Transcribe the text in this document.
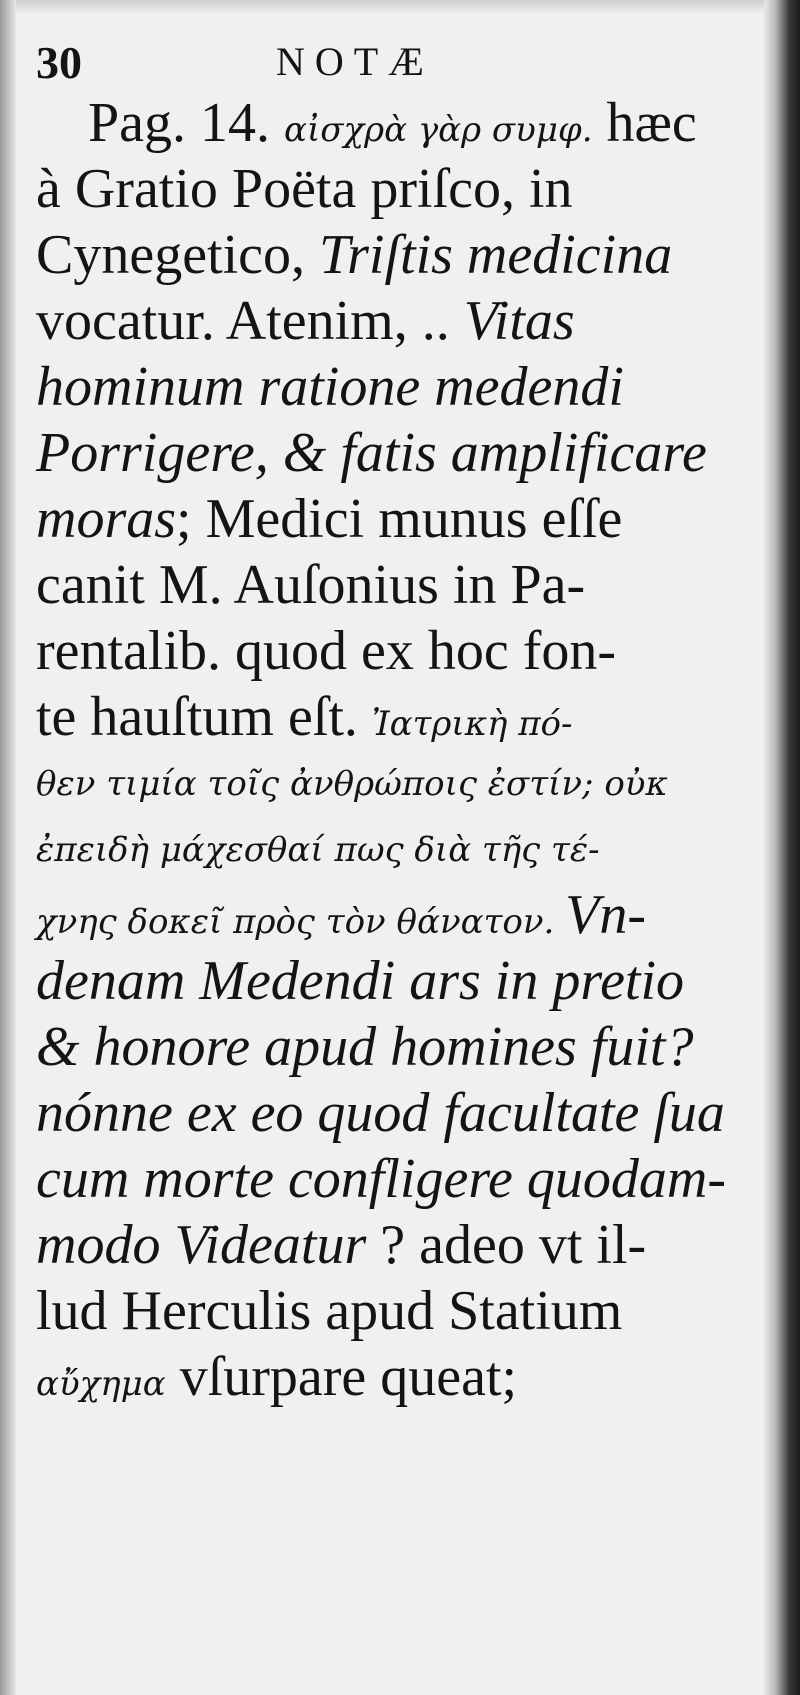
30	NOTÆ
Pag. 14. αἰσχρὰ γὰρ συμφ. hæc
à Gratio Poëta priſco, in
Cynegetico, Triſtis medicina
vocatur. Atenim, .. Vitas
hominum ratione medendi
Porrigere, & fatis amplificare
moras; Medici munus eſſe
canit M. Auſonius in Pa-
rentalib. quod ex hoc fon-
te hauſtum eſt. Ἰατρικὴ πό-
θεν τιμία τοῖς ἀνθρώποις ἐστίν; οὐκ
ἐπειδὴ μάχεσθαί πως διὰ τῆς τέ-
χνης δοκεῖ πρὸς τὸν θάνατον. Vn-
denam Medendi ars in pretio
& honore apud homines fuit?
nónne ex eo quod facultate ſua
cum morte confligere quodam-
modo Videatur ? adeo vt il-
lud Herculis apud Statium
αὔχημα vſurpare queat;
